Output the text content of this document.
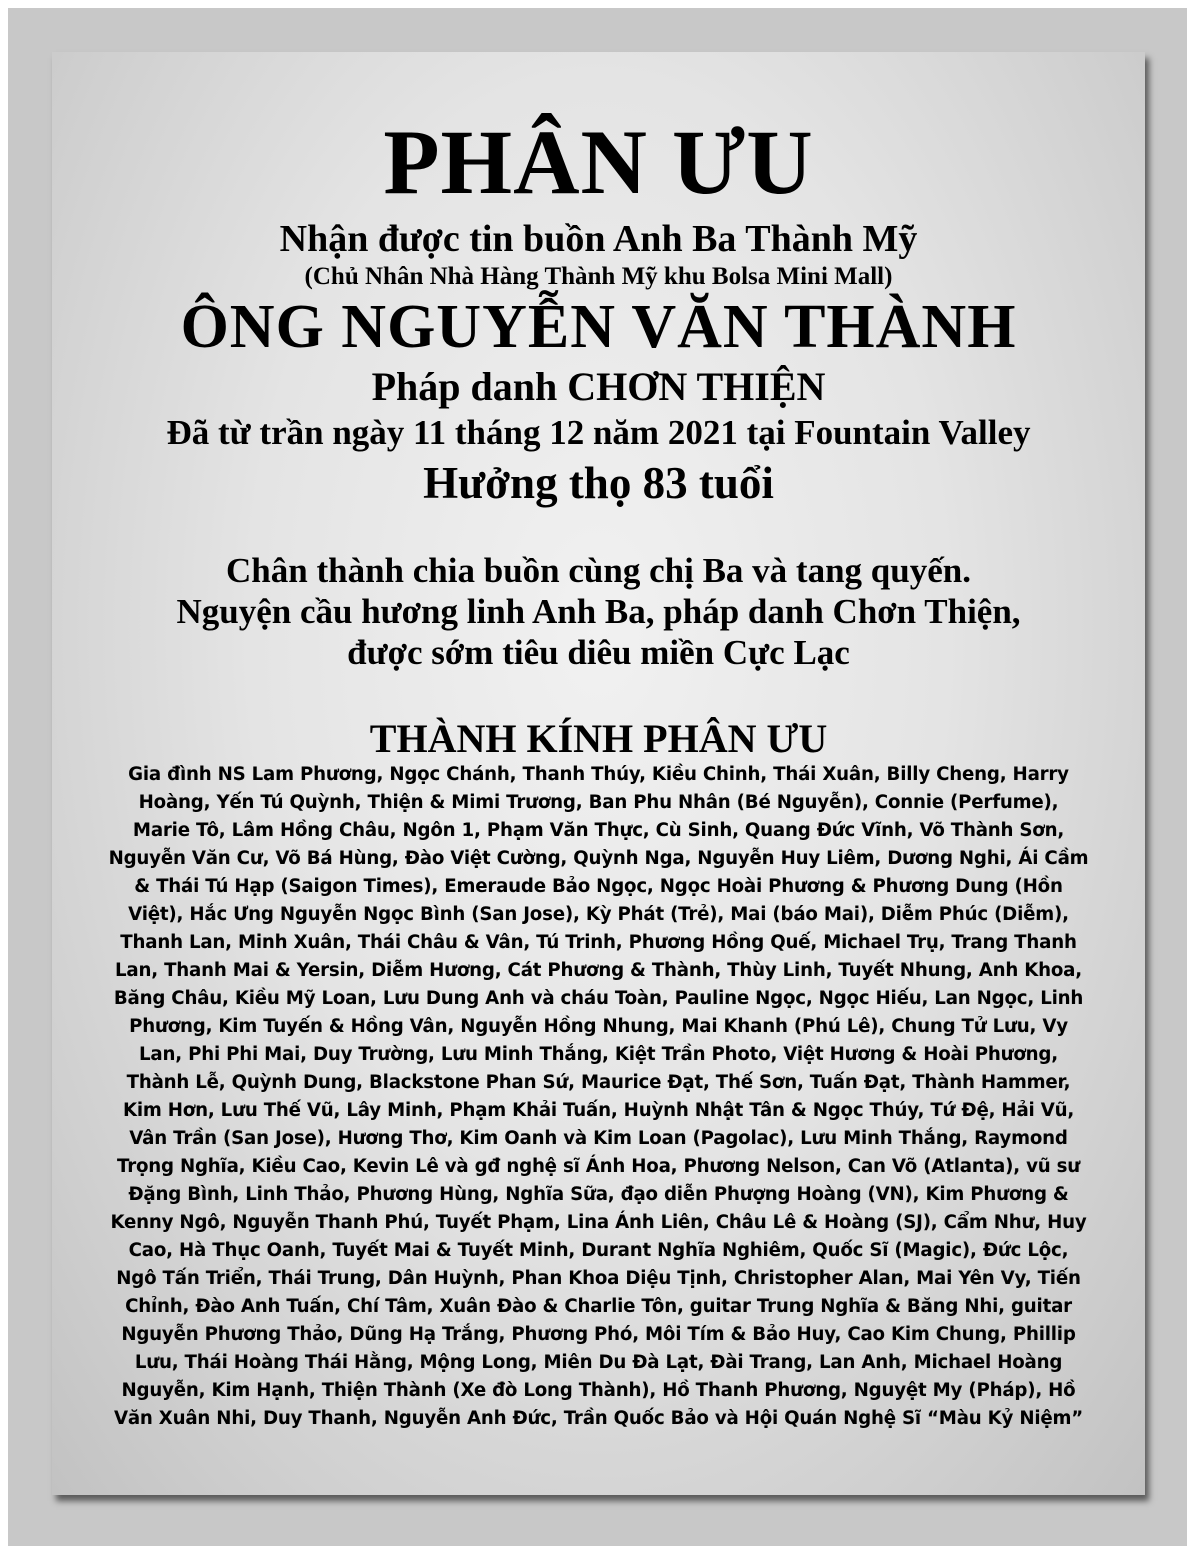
PHÂN ƯU
Nhận được tin buồn Anh Ba Thành Mỹ
(Chủ Nhân Nhà Hàng Thành Mỹ khu Bolsa Mini Mall)
ÔNG NGUYỄN VĂN THÀNH
Pháp danh CHƠN THIỆN
Đã từ trần ngày 11 tháng 12 năm 2021 tại Fountain Valley
Hưởng thọ 83 tuổi
Chân thành chia buồn cùng chị Ba và tang quyến.
Nguyện cầu hương linh Anh Ba, pháp danh Chơn Thiện,
được sớm tiêu diêu miền Cực Lạc
THÀNH KÍNH PHÂN ƯU
Gia đình NS Lam Phương, Ngọc Chánh, Thanh Thúy, Kiều Chinh, Thái Xuân, Billy Cheng, Harry Hoàng, Yến Tú Quỳnh, Thiện & Mimi Trương, Ban Phu Nhân (Bé Nguyễn), Connie (Perfume), Marie Tô, Lâm Hồng Châu, Ngôn 1, Phạm Văn Thực, Cù Sinh, Quang Đức Vĩnh, Võ Thành Sơn, Nguyễn Văn Cư, Võ Bá Hùng, Đào Việt Cường, Quỳnh Nga, Nguyễn Huy Liêm, Dương Nghi, Ái Cầm & Thái Tú Hạp (Saigon Times), Emeraude Bảo Ngọc, Ngọc Hoài Phương & Phương Dung (Hồn Việt), Hắc Ưng Nguyễn Ngọc Bình (San Jose), Kỳ Phát (Trẻ), Mai (báo Mai), Diễm Phúc (Diễm), Thanh Lan, Minh Xuân, Thái Châu & Vân, Tú Trinh, Phương Hồng Quế, Michael Trụ, Trang Thanh Lan, Thanh Mai & Yersin, Diễm Hương, Cát Phương & Thành, Thùy Linh, Tuyết Nhung, Anh Khoa, Băng Châu, Kiều Mỹ Loan, Lưu Dung Anh và cháu Toàn, Pauline Ngọc, Ngọc Hiếu, Lan Ngọc, Linh Phương, Kim Tuyến & Hồng Vân, Nguyễn Hồng Nhung, Mai Khanh (Phú Lê), Chung Tử Lưu, Vy Lan, Phi Phi Mai, Duy Trường, Lưu Minh Thắng, Kiệt Trần Photo, Việt Hương & Hoài Phương, Thành Lễ, Quỳnh Dung, Blackstone Phan Sứ, Maurice Đạt, Thế Sơn, Tuấn Đạt, Thành Hammer, Kim Hơn, Lưu Thế Vũ, Lây Minh, Phạm Khải Tuấn, Huỳnh Nhật Tân & Ngọc Thúy, Tứ Đệ, Hải Vũ, Vân Trần (San Jose), Hương Thơ, Kim Oanh và Kim Loan (Pagolac), Lưu Minh Thắng, Raymond Trọng Nghĩa, Kiều Cao, Kevin Lê và gđ nghệ sĩ Ánh Hoa, Phương Nelson, Can Võ (Atlanta), vũ sư Đặng Bình, Linh Thảo, Phương Hùng, Nghĩa Sữa, đạo diễn Phượng Hoàng (VN), Kim Phương & Kenny Ngô, Nguyễn Thanh Phú, Tuyết Phạm, Lina Ánh Liên, Châu Lê & Hoàng (SJ), Cẩm Như, Huy Cao, Hà Thục Oanh, Tuyết Mai & Tuyết Minh, Durant Nghĩa Nghiêm, Quốc Sĩ (Magic), Đức Lộc, Ngô Tấn Triển, Thái Trung, Dân Huỳnh, Phan Khoa Diệu Tịnh, Christopher Alan, Mai Yên Vy, Tiến Chỉnh, Đào Anh Tuấn, Chí Tâm, Xuân Đào & Charlie Tôn, guitar Trung Nghĩa & Băng Nhi, guitar Nguyễn Phương Thảo, Dũng Hạ Trắng, Phương Phó, Môi Tím & Bảo Huy, Cao Kim Chung, Phillip Lưu, Thái Hoàng Thái Hằng, Mộng Long, Miên Du Đà Lạt, Đài Trang, Lan Anh, Michael Hoàng Nguyễn, Kim Hạnh, Thiện Thành (Xe đò Long Thành), Hồ Thanh Phương, Nguyệt My (Pháp), Hồ Văn Xuân Nhi, Duy Thanh, Nguyễn Anh Đức, Trần Quốc Bảo và Hội Quán Nghệ Sĩ “Màu Kỷ Niệm”
